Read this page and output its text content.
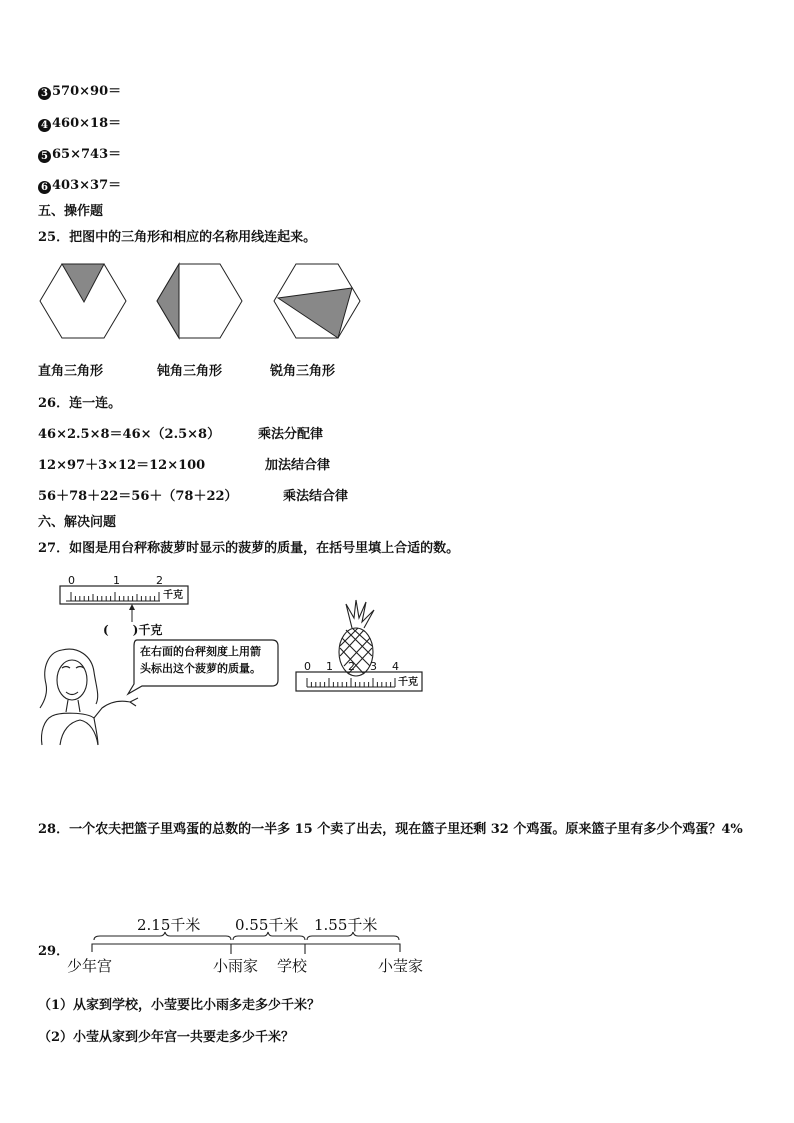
3 570×90＝
4 460×18＝
5 65×743＝
6 403×37＝
五、操作题
25．把图中的三角形和相应的名称用线连起来。
直角三角形	钝角三角形	锐角三角形
26．连一连。
46×2.5×8＝46×（2.5×8）	乘法分配律
12×97＋3×12＝12×100	加法结合律
56＋78＋22＝56＋（78＋22）	乘法结合律
六、解决问题
27．如图是用台秤称菠萝时显示的菠萝的质量，在括号里填上合适的数。
0	1	2
千克
(　　)千克
在右面的台秤刻度上用箭
头标出这个菠萝的质量。	0 1 2 3 4
千克
28．一个农夫把篮子里鸡蛋的总数的一半多 15 个卖了出去，现在篮子里还剩 32 个鸡蛋。原来篮子里有多少个鸡蛋？4%
29．
2.15千米 0.55千米 1.55千米
少年宫	小雨家 学校	小莹家
（1）从家到学校，小莹要比小雨多走多少千米？
（2）小莹从家到少年宫一共要走多少千米？
